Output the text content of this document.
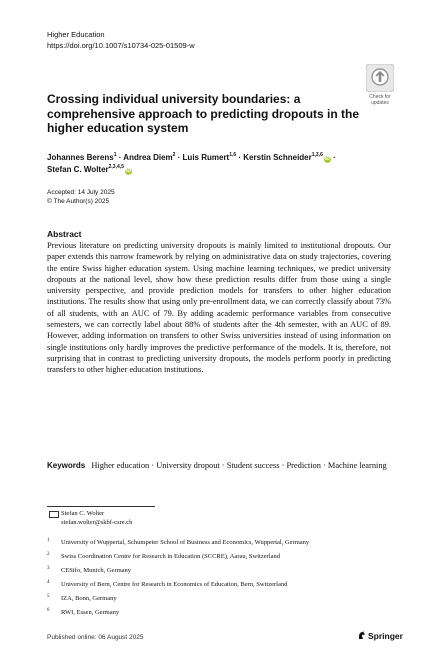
Higher Education
https://doi.org/10.1007/s10734-025-01509-w
Check for
updates
Crossing individual university boundaries: a comprehensive approach to predicting dropouts in the higher education system
Johannes Berens$^1$ · Andrea Diem$^2$ · Luis Rumert$^{1,6}$ · Kerstin Schneider$^{1,3,6}$iD ·
Stefan C. Wolter$^{2,3,4,5}$iD
Accepted: 14 July 2025
© The Author(s) 2025
Abstract
Previous literature on predicting university dropouts is mainly limited to institutional dropouts. Our paper extends this narrow framework by relying on administrative data on study trajectories, covering the entire Swiss higher education system. Using machine learning techniques, we predict university dropouts at the national level, show how these prediction results differ from those using a single university perspective, and provide prediction models for transfers to other higher education institutions. The results show that using only pre-enrollment data, we can correctly classify about 73% of all students, with an AUC of 79. By adding academic performance variables from consecutive semesters, we can correctly label about 88% of students after the 4th semester, with an AUC of 89. However, adding information on transfers to other Swiss universities instead of using information on single institutions only hardly improves the predictive performance of the models. It is, therefore, not surprising that in contrast to predicting university dropouts, the models perform poorly in predicting transfers to other higher education institutions.
Keywords Higher education · University dropout · Student success · Prediction · Machine learning
Stefan C. Wolter
stefan.wolter@skbf-csre.ch
1 University of Wuppertal, Schumpeter School of Business and Economics, Wuppertal, Germany
2 Swiss Coordination Centre for Research in Education (SCCRE), Aarau, Switzerland
3 CESifo, Munich, Germany
4 University of Bern, Centre for Research in Economics of Education, Bern, Switzerland
5 IZA, Bonn, Germany
6 RWI, Essen, Germany
Published online: 06 August 2025	Springer
